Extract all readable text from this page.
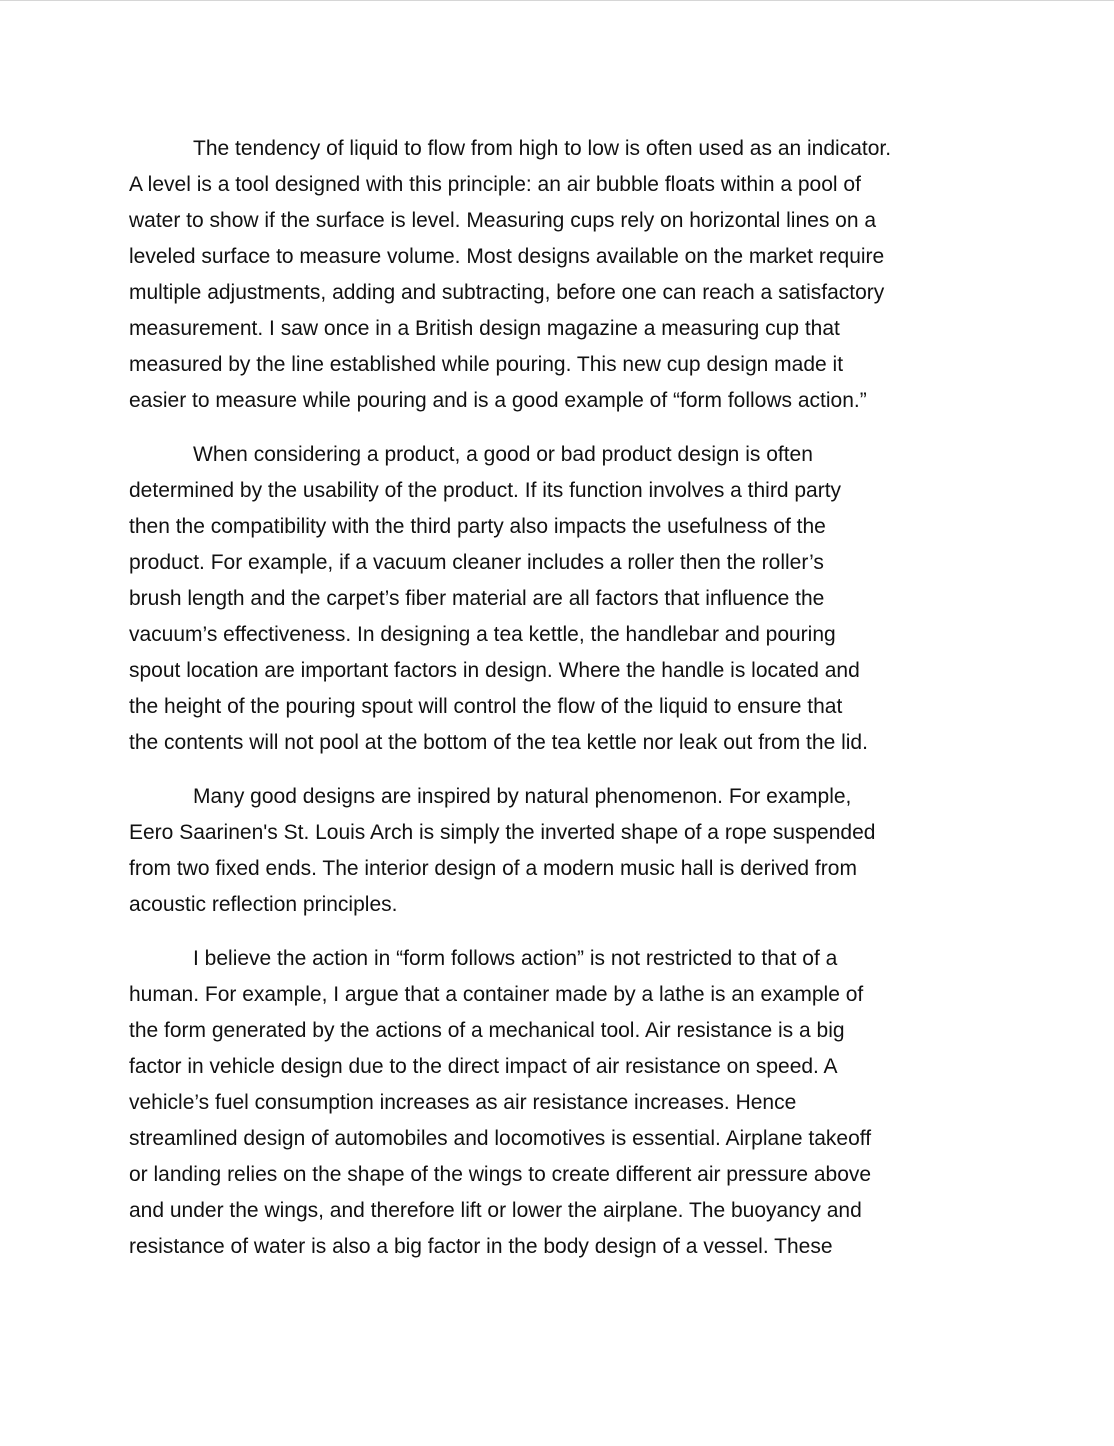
The tendency of liquid to flow from high to low is often used as an indicator.
A level is a tool designed with this principle: an air bubble floats within a pool of
water to show if the surface is level. Measuring cups rely on horizontal lines on a
leveled surface to measure volume. Most designs available on the market require
multiple adjustments, adding and subtracting, before one can reach a satisfactory
measurement. I saw once in a British design magazine a measuring cup that
measured by the line established while pouring. This new cup design made it
easier to measure while pouring and is a good example of “form follows action.”
When considering a product, a good or bad product design is often
determined by the usability of the product. If its function involves a third party
then the compatibility with the third party also impacts the usefulness of the
product. For example, if a vacuum cleaner includes a roller then the roller’s
brush length and the carpet’s fiber material are all factors that influence the
vacuum’s effectiveness. In designing a tea kettle, the handlebar and pouring
spout location are important factors in design. Where the handle is located and
the height of the pouring spout will control the flow of the liquid to ensure that
the contents will not pool at the bottom of the tea kettle nor leak out from the lid.
Many good designs are inspired by natural phenomenon. For example,
Eero Saarinen's St. Louis Arch is simply the inverted shape of a rope suspended
from two fixed ends. The interior design of a modern music hall is derived from
acoustic reflection principles.
I believe the action in “form follows action” is not restricted to that of a
human. For example, I argue that a container made by a lathe is an example of
the form generated by the actions of a mechanical tool. Air resistance is a big
factor in vehicle design due to the direct impact of air resistance on speed. A
vehicle’s fuel consumption increases as air resistance increases. Hence
streamlined design of automobiles and locomotives is essential. Airplane takeoff
or landing relies on the shape of the wings to create different air pressure above
and under the wings, and therefore lift or lower the airplane. The buoyancy and
resistance of water is also a big factor in the body design of a vessel. These
